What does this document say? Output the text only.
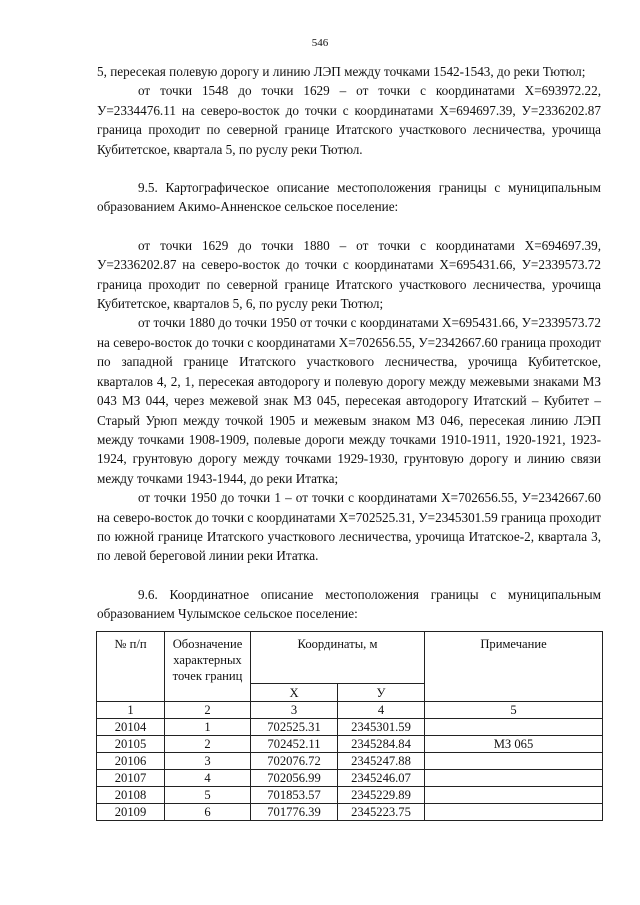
546

5, пересекая полевую дорогу и линию ЛЭП между точками 1542-1543, до реки Тютюл;

от точки 1548 до точки 1629 – от точки с координатами Х=693972.22, У=2334476.11 на северо-восток до точки с координатами Х=694697.39, У=2336202.87 граница проходит по северной границе Итатского участкового лесничества, урочища Кубитетское, квартала 5, по руслу реки Тютюл.

9.5. Картографическое описание местоположения границы с муниципальным образованием Акимо-Анненское сельское поселение:

от точки 1629 до точки 1880 – от точки с координатами Х=694697.39, У=2336202.87 на северо-восток до точки с координатами Х=695431.66, У=2339573.72 граница проходит по северной границе Итатского участкового лесничества, урочища Кубитетское, кварталов 5, 6, по руслу реки Тютюл;

от точки 1880 до точки 1950 от точки с координатами Х=695431.66, У=2339573.72 на северо-восток до точки с координатами Х=702656.55, У=2342667.60 граница проходит по западной границе Итатского участкового лесничества, урочища Кубитетское, кварталов 4, 2, 1, пересекая автодорогу и полевую дорогу между межевыми знаками МЗ 043 МЗ 044, через межевой знак МЗ 045, пересекая автодорогу Итатский – Кубитет – Старый Урюп между точкой 1905 и межевым знаком МЗ 046, пересекая линию ЛЭП между точками 1908-1909, полевые дороги между точками 1910-1911, 1920-1921, 1923-1924, грунтовую дорогу между точками 1929-1930, грунтовую дорогу и линию связи между точками 1943-1944, до реки Итатка;

от точки 1950 до точки 1 – от точки с координатами Х=702656.55, У=2342667.60 на северо-восток до точки с координатами Х=702525.31, У=2345301.59 граница проходит по южной границе Итатского участкового лесничества, урочища Итатское-2, квартала 3, по левой береговой линии реки Итатка.

9.6. Координатное описание местоположения границы с муниципальным образованием Чулымское сельское поселение:

№ п/п	Обозначение характерных точек границ	Координаты, м		Примечание
		Х	У	
1	2	3	4	5
20104	1	702525.31	2345301.59	
20105	2	702452.11	2345284.84	МЗ 065
20106	3	702076.72	2345247.88	
20107	4	702056.99	2345246.07	
20108	5	701853.57	2345229.89	
20109	6	701776.39	2345223.75	
